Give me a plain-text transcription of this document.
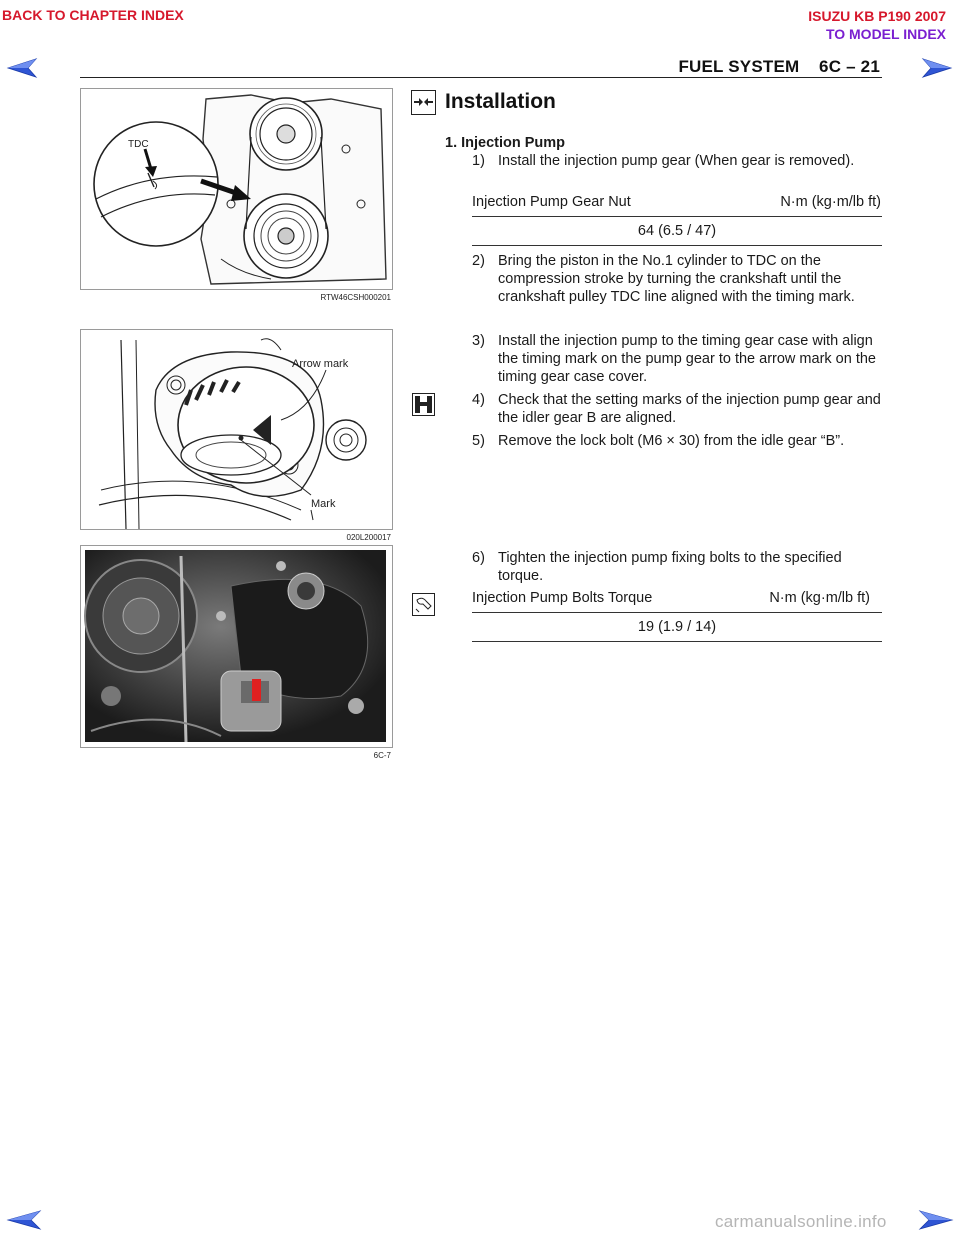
BACK TO CHAPTER INDEX	ISUZU KB P190 2007
TO MODEL INDEX
FUEL SYSTEM    6C – 21
TDC
RTW46CSH000201
Arrow mark
Mark
020L200017
6C-7
Installation
1. Injection Pump
1) Install the injection pump gear (When gear is removed).
Injection Pump Gear Nut	N·m (kg·m/lb ft)
64 (6.5 / 47)
2) Bring the piston in the No.1 cylinder to TDC on the compression stroke by turning the crankshaft until the crankshaft pulley TDC line aligned with the timing mark.
3) Install the injection pump to the timing gear case with align the timing mark on the pump gear to the arrow mark on the timing gear case cover.
4) Check that the setting marks of the injection pump gear and the idler gear B are aligned.
5) Remove the lock bolt (M6 × 30) from the idle gear “B”.
6) Tighten the injection pump fixing bolts to the specified torque.
Injection Pump Bolts Torque	N·m (kg·m/lb ft)
19 (1.9 / 14)
carmanualsonline.info
